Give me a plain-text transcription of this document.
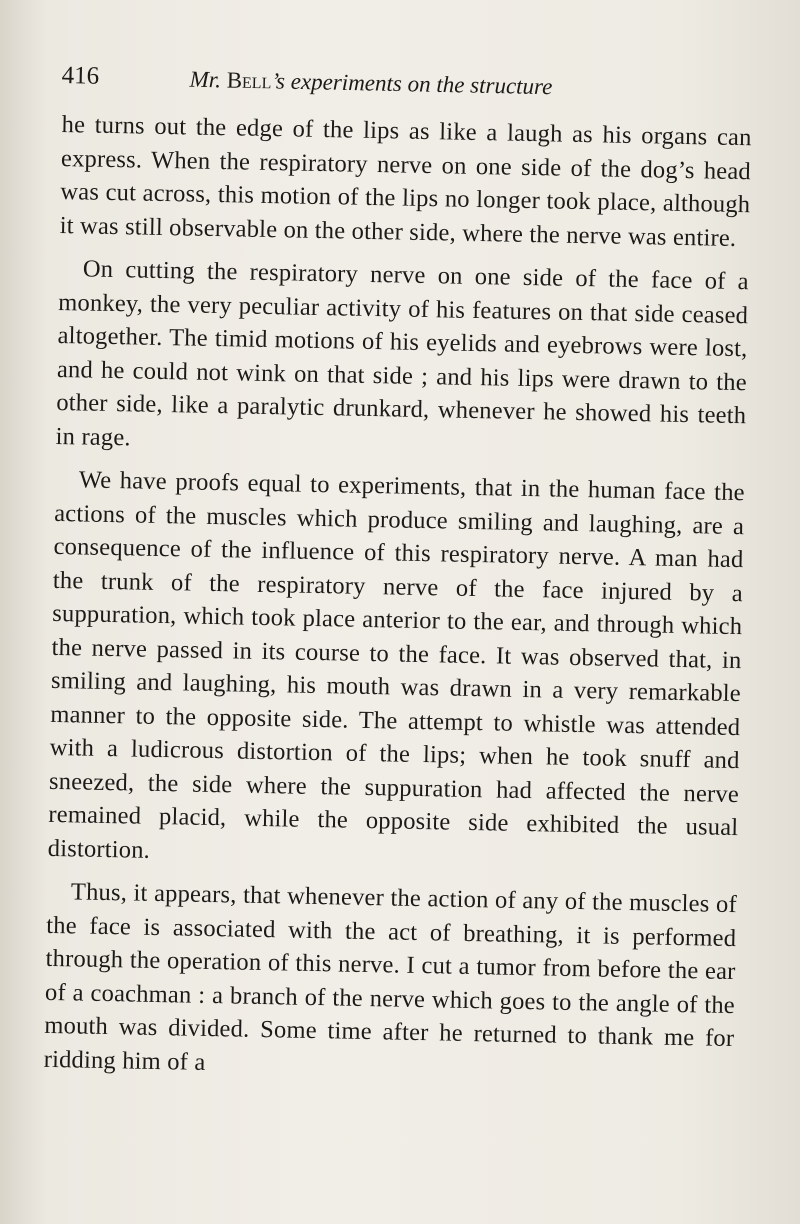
416	Mr. Bell’s experiments on the structure

he turns out the edge of the lips as like a laugh as his organs can express. When the respiratory nerve on one side of the dog’s head was cut across, this motion of the lips no longer took place, although it was still observable on the other side, where the nerve was entire.

On cutting the respiratory nerve on one side of the face of a monkey, the very peculiar activity of his features on that side ceased altogether. The timid motions of his eyelids and eyebrows were lost, and he could not wink on that side ; and his lips were drawn to the other side, like a paralytic drunkard, whenever he showed his teeth in rage.

We have proofs equal to experiments, that in the human face the actions of the muscles which produce smiling and laughing, are a consequence of the influence of this respiratory nerve. A man had the trunk of the respiratory nerve of the face injured by a suppuration, which took place anterior to the ear, and through which the nerve passed in its course to the face. It was observed that, in smiling and laughing, his mouth was drawn in a very remarkable manner to the opposite side. The attempt to whistle was attended with a ludicrous distortion of the lips; when he took snuff and sneezed, the side where the suppuration had affected the nerve remained placid, while the opposite side exhibited the usual distortion.

Thus, it appears, that whenever the action of any of the muscles of the face is associated with the act of breathing, it is performed through the operation of this nerve. I cut a tumor from before the ear of a coachman : a branch of the nerve which goes to the angle of the mouth was divided. Some time after he returned to thank me for ridding him of a
